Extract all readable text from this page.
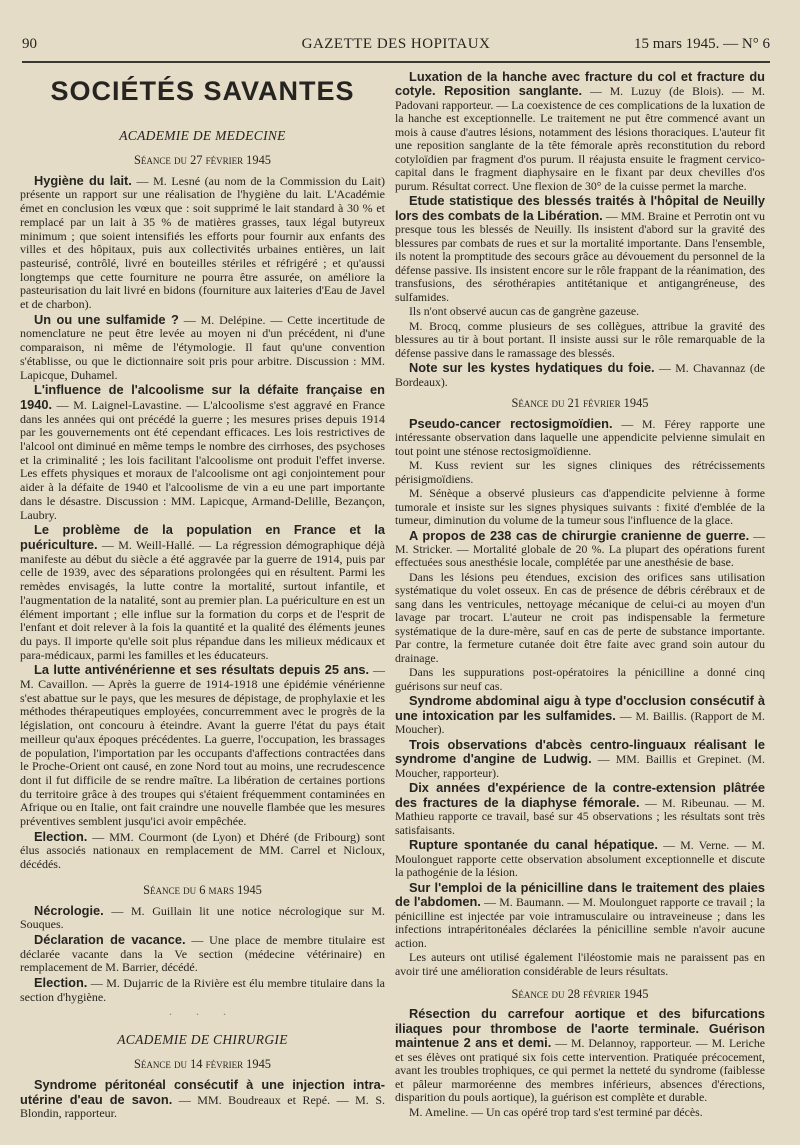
90	GAZETTE DES HOPITAUX	15 mars 1945. — N° 6
SOCIÉTÉS SAVANTES
ACADEMIE DE MEDECINE
Séance du 27 février 1945

Hygiène du lait. — M. Lesné (au nom de la Commission du Lait) présente un rapport sur une réalisation de l'hygiène du lait. L'Académie émet en conclusion les vœux que : soit supprimé le lait standard à 30 % et remplacé par un lait à 35 % de matières grasses, taux légal butyreux minimum ; que soient intensifiés les efforts pour fournir aux enfants des villes et des hôpitaux, puis aux collectivités urbaines entières, un lait pasteurisé, contrôlé, livré en bouteilles stériles et réfrigéré ; et qu'aussi longtemps que cette fourniture ne pourra être assurée, on améliore la pasteurisation du lait livré en bidons (fourniture aux laiteries d'Eau de Javel et de charbon).

Un ou une sulfamide ? — M. Delépine. — Cette incertitude de nomenclature ne peut être levée au moyen ni d'un précédent, ni d'une comparaison, ni même de l'étymologie. Il faut qu'une convention s'établisse, ou que le dictionnaire soit pris pour arbitre. Discussion : MM. Lapicque, Duhamel.

L'influence de l'alcoolisme sur la défaite française en 1940. — M. Laignel-Lavastine. — L'alcoolisme s'est aggravé en France dans les années qui ont précédé la guerre ; les mesures prises depuis 1914 par les gouvernements ont été cependant efficaces. Les lois restrictives de l'alcool ont diminué en même temps le nombre des cirrhoses, des psychoses et la criminalité ; les lois facilitant l'alcoolisme ont produit l'effet inverse. Les effets physiques et moraux de l'alcoolisme ont agi conjointement pour aider à la défaite de 1940 et l'alcoolisme de vin a eu une part importante dans le désastre. Discussion : MM. Lapicque, Armand-Delille, Bezançon, Laubry.

Le problème de la population en France et la puériculture. — M. Weill-Hallé. — La régression démographique déjà manifeste au début du siècle a été aggravée par la guerre de 1914, puis par celle de 1939, avec des séparations prolongées qui en résultent. Parmi les remèdes envisagés, la lutte contre la mortalité, surtout infantile, et l'augmentation de la natalité, sont au premier plan. La puériculture en est un élément important ; elle influe sur la formation du corps et de l'esprit de l'enfant et doit relever à la fois la quantité et la qualité des éléments jeunes du pays. Il importe qu'elle soit plus répandue dans les milieux médicaux et para-médicaux, parmi les familles et les éducateurs.

La lutte antivénérienne et ses résultats depuis 25 ans. — M. Cavaillon. — Après la guerre de 1914-1918 une épidémie vénérienne s'est abattue sur le pays, que les mesures de dépistage, de prophylaxie et les méthodes thérapeutiques employées, concurremment avec le progrès de la législation, ont concouru à éteindre. Avant la guerre l'état du pays était meilleur qu'aux époques précédentes. La guerre, l'occupation, les brassages de population, l'importation par les occupants d'affections contractées dans le Proche-Orient ont causé, en zone Nord tout au moins, une recrudescence dont il fut difficile de se rendre maître. La libération de certaines portions du territoire grâce à des troupes qui s'étaient fréquemment contaminées en Afrique ou en Italie, ont fait craindre une nouvelle flambée que les mesures préventives semblent jusqu'ici avoir empêchée.

Election. — MM. Courmont (de Lyon) et Dhéré (de Fribourg) sont élus associés nationaux en remplacement de MM. Carrel et Nicloux, décédés.

Séance du 6 mars 1945

Nécrologie. — M. Guillain lit une notice nécrologique sur M. Souques.

Déclaration de vacance. — Une place de membre titulaire est déclarée vacante dans la Ve section (médecine vétérinaire) en remplacement de M. Barrier, décédé.

Election. — M. Dujarric de la Rivière est élu membre titulaire dans la section d'hygiène.

· · ·
ACADEMIE DE CHIRURGIE
Séance du 14 février 1945

Syndrome péritonéal consécutif à une injection intra-utérine d'eau de savon. — MM. Boudreaux et Repé. — M. S. Blondin, rapporteur.

Luxation de la hanche avec fracture du col et fracture du cotyle. Reposition sanglante. — M. Luzuy (de Blois). — M. Padovani rapporteur. — La coexistence de ces complications de la luxation de la hanche est exceptionnelle. Le traitement ne put être commencé avant un mois à cause d'autres lésions, notamment des lésions thoraciques. L'auteur fit une reposition sanglante de la tête fémorale après reconstitution du rebord cotyloïdien par fragment d'os purum. Il réajusta ensuite le fragment cervico-capital dans le fragment diaphysaire en le fixant par deux chevilles d'os purum. Résultat correct. Une flexion de 30° de la cuisse permet la marche.

Etude statistique des blessés traités à l'hôpital de Neuilly lors des combats de la Libération. — MM. Braine et Perrotin ont vu presque tous les blessés de Neuilly. Ils insistent d'abord sur la gravité des blessures par combats de rues et sur la mortalité importante. Dans l'ensemble, ils notent la promptitude des secours grâce au dévouement du personnel de la défense passive. Ils insistent encore sur le rôle frappant de la réanimation, des transfusions, des sérothérapies antitétanique et antigangréneuse, des sulfamides.

Ils n'ont observé aucun cas de gangrène gazeuse.

M. Brocq, comme plusieurs de ses collègues, attribue la gravité des blessures au tir à bout portant. Il insiste aussi sur le rôle remarquable de la défense passive dans le ramassage des blessés.

Note sur les kystes hydatiques du foie. — M. Chavannaz (de Bordeaux).

Séance du 21 février 1945

Pseudo-cancer rectosigmoïdien. — M. Férey rapporte une intéressante observation dans laquelle une appendicite pelvienne simulait en tout point une sténose rectosigmoïdienne.

M. Kuss revient sur les signes cliniques des rétrécissements périsigmoïdiens.

M. Sénèque a observé plusieurs cas d'appendicite pelvienne à forme tumorale et insiste sur les signes physiques suivants : fixité d'emblée de la tumeur, diminution du volume de la tumeur sous l'influence de la glace.

A propos de 238 cas de chirurgie cranienne de guerre. — M. Stricker. — Mortalité globale de 20 %. La plupart des opérations furent effectuées sous anesthésie locale, complétée par une anesthésie de base.

Dans les lésions peu étendues, excision des orifices sans utilisation systématique du volet osseux. En cas de présence de débris cérébraux et de sang dans les ventricules, nettoyage mécanique de celui-ci au moyen d'un lavage par trocart. L'auteur ne croit pas indispensable la fermeture systématique de la dure-mère, sauf en cas de perte de substance importante. Par contre, la fermeture cutanée doit être faite avec grand soin autour du drainage.

Dans les suppurations post-opératoires la pénicilline a donné cinq guérisons sur neuf cas.

Syndrome abdominal aigu à type d'occlusion consécutif à une intoxication par les sulfamides. — M. Baillis. (Rapport de M. Moucher).

Trois observations d'abcès centro-linguaux réalisant le syndrome d'angine de Ludwig. — MM. Baillis et Grepinet. (M. Moucher, rapporteur).

Dix années d'expérience de la contre-extension plâtrée des fractures de la diaphyse fémorale. — M. Ribeunau. — M. Mathieu rapporte ce travail, basé sur 45 observations ; les résultats sont très satisfaisants.

Rupture spontanée du canal hépatique. — M. Verne. — M. Moulonguet rapporte cette observation absolument exceptionnelle et discute la pathogénie de la lésion.

Sur l'emploi de la pénicilline dans le traitement des plaies de l'abdomen. — M. Baumann. — M. Moulonguet rapporte ce travail ; la pénicilline est injectée par voie intramusculaire ou intraveineuse ; dans les infections intrapéritonéales déclarées la pénicilline semble n'avoir aucune action.

Les auteurs ont utilisé également l'iléostomie mais ne paraissent pas en avoir tiré une amélioration considérable de leurs résultats.

Séance du 28 février 1945

Résection du carrefour aortique et des bifurcations iliaques pour thrombose de l'aorte terminale. Guérison maintenue 2 ans et demi. — M. Delannoy, rapporteur. — M. Leriche et ses élèves ont pratiqué six fois cette intervention. Pratiquée précocement, avant les troubles trophiques, ce qui permet la netteté du syndrome (faiblesse et pâleur marmoréenne des membres inférieurs, absences d'érections, disparition du pouls aortique), la guérison est complète et durable.

M. Ameline. — Un cas opéré trop tard s'est terminé par décès.
